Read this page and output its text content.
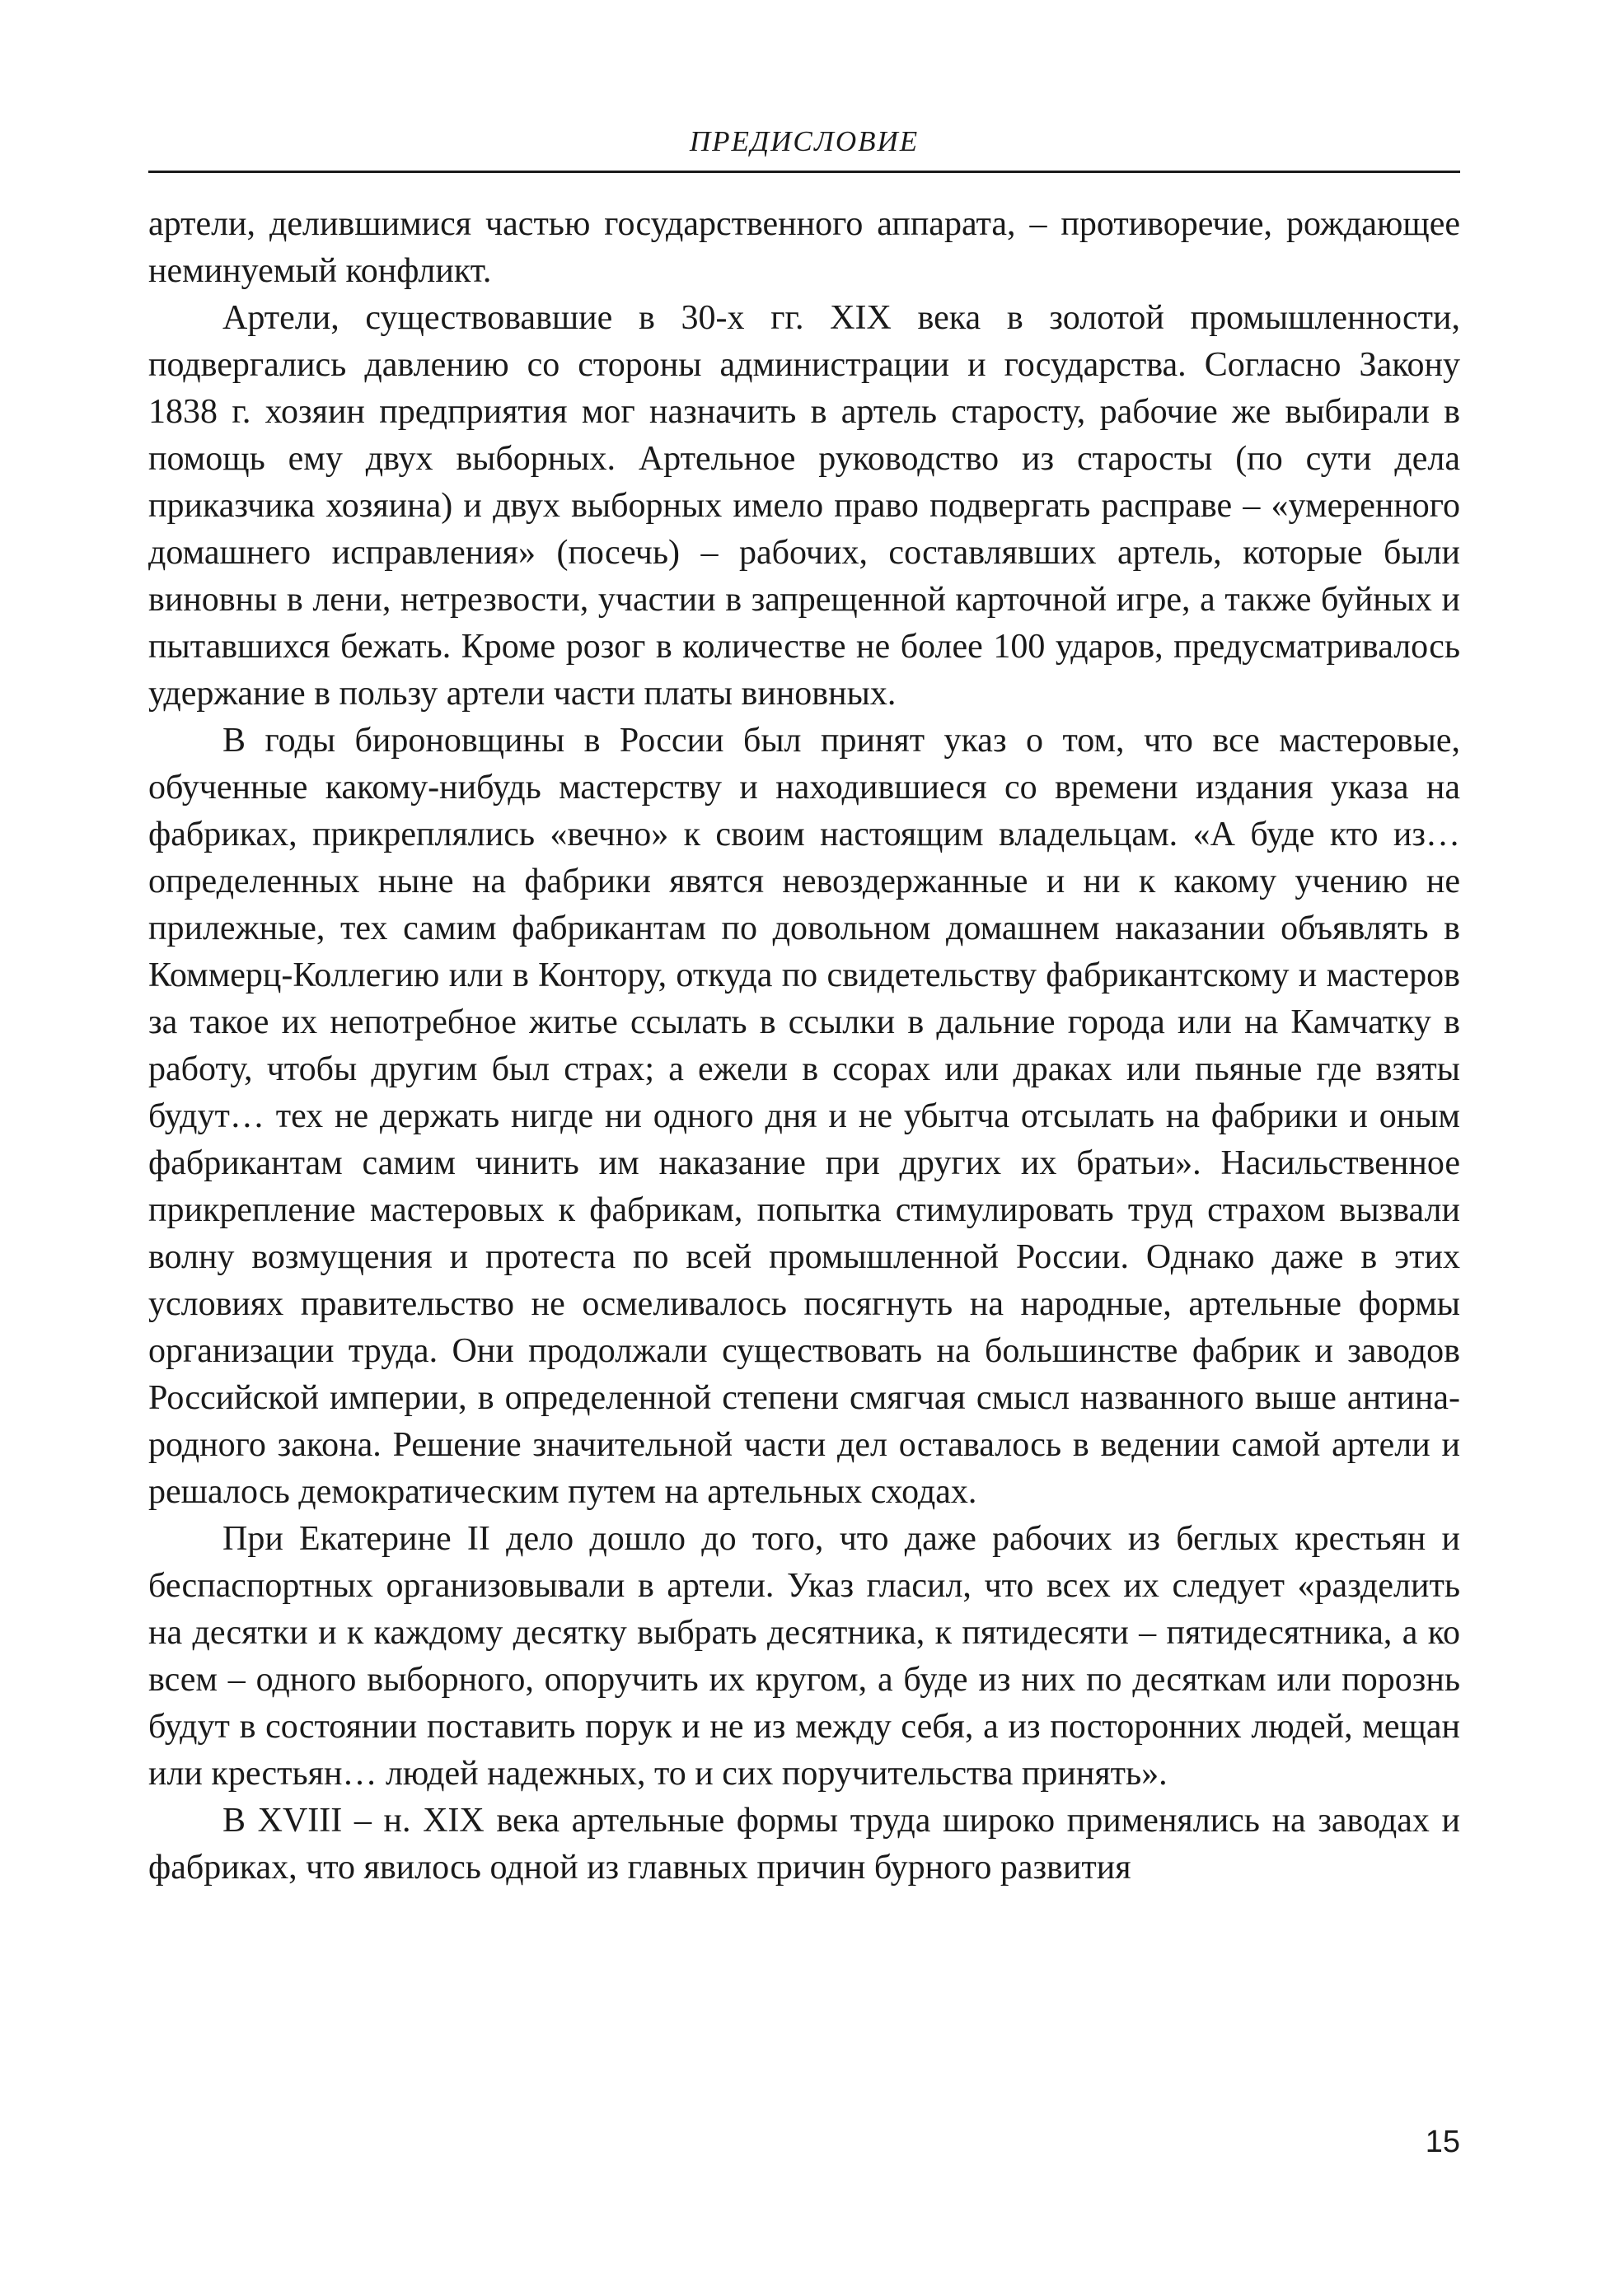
ПРЕДИСЛОВИЕ

артели, делившимися частью государственного аппарата, – противоречие, рождающее неминуемый конфликт.

Артели, существовавшие в 30-х гг. XIX века в золотой промышленности, подвергались давлению со стороны администрации и государства. Согласно Закону 1838 г. хозяин предприятия мог назначить в артель старосту, рабочие же выбирали в помощь ему двух выборных. Артельное руководство из старосты (по сути дела приказчика хозяина) и двух выборных имело право подвергать расправе – «умеренного домашнего исправления» (посечь) – рабочих, составлявших артель, которые были виновны в лени, нетрезвости, участии в запрещенной карточной игре, а также буйных и пытавшихся бежать. Кроме розог в количестве не более 100 ударов, предусматривалось удержание в пользу артели части платы виновных.

В годы бироновщины в России был принят указ о том, что все мастеровые, обученные какому-нибудь мастерству и находившиеся со времени издания указа на фабриках, прикреплялись «вечно» к своим настоящим владельцам. «А буде кто из… определенных ныне на фабрики явятся невоздержанные и ни к какому учению не прилежные, тех самим фабрикантам по довольном домашнем наказании объявлять в Коммерц-Коллегию или в Контору, откуда по свидетельству фабрикантскому и мастеров за такое их непотребное житье ссылать в ссылки в дальние города или на Камчатку в работу, чтобы другим был страх; а ежели в ссорах или драках или пьяные где взяты будут… тех не держать нигде ни одного дня и не убытча отсылать на фабрики и оным фабрикантам самим чинить им наказание при других их братьи». Насильственное прикрепление мастеровых к фабрикам, попытка стимулировать труд страхом вызвали волну возмущения и протеста по всей промышленной России. Однако даже в этих условиях правительство не осмеливалось посягнуть на народные, артельные формы организации труда. Они продолжали существовать на большинстве фабрик и заводов Российской империи, в определенной степени смягчая смысл названного выше антинародного закона. Решение значительной части дел оставалось в ведении самой артели и решалось демократическим путем на артельных сходах.

При Екатерине II дело дошло до того, что даже рабочих из беглых крестьян и беспаспортных организовывали в артели. Указ гласил, что всех их следует «разделить на десятки и к каждому десятку выбрать десятника, к пятидесяти – пятидесятника, а ко всем – одного выборного, опоручить их кругом, а буде из них по десяткам или порознь будут в состоянии поставить порук и не из между себя, а из посторонних людей, мещан или крестьян… людей надежных, то и сих поручительства принять».

В XVIII – н. XIX века артельные формы труда широко применялись на заводах и фабриках, что явилось одной из главных причин бурного развития

15
